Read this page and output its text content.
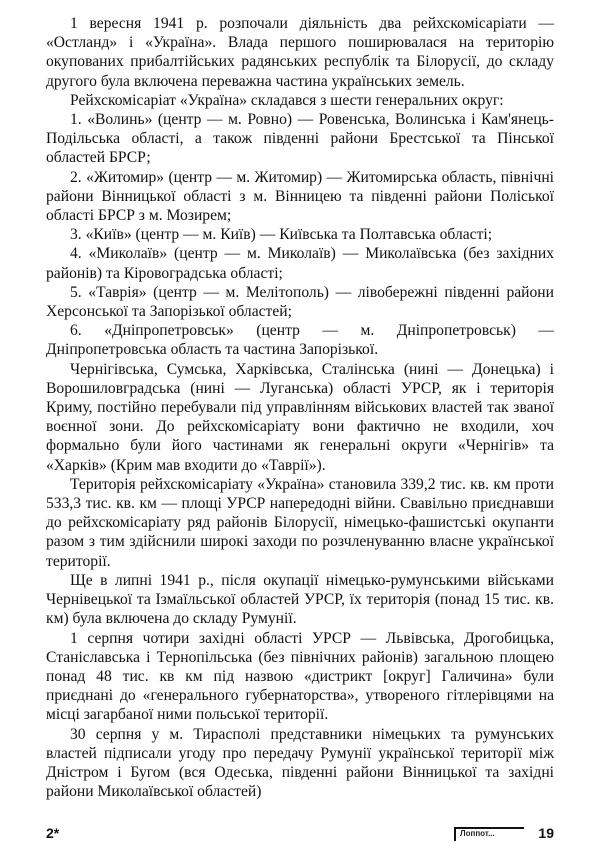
1 вересня 1941 р. розпочали діяльність два рейхскомісаріати — «Остланд» і «Україна». Влада першого поширювалася на територію окупованих прибалтійських радянських республік та Білорусії, до складу другого була включена переважна частина українських земель.

Рейхскомісаріат «Україна» складався з шести генеральних округ:

1. «Волинь» (центр — м. Ровно) — Ровенська, Волинська і Кам'янець-Подільська області, а також південні райони Брестської та Пінської областей БРСР;

2. «Житомир» (центр — м. Житомир) — Житомирська область, північні райони Вінницької області з м. Вінницею та південні райони Поліської області БРСР з м. Мозирем;

3. «Київ» (центр — м. Київ) — Київська та Полтавська області;

4. «Миколаїв» (центр — м. Миколаїв) — Миколаївська (без західних районів) та Кіровоградська області;

5. «Таврія» (центр — м. Мелітополь) — лівобережні південні райони Херсонської та Запорізької областей;

6. «Дніпропетровськ» (центр — м. Дніпропетровськ) — Дніпропетровська область та частина Запорізької.

Чернігівська, Сумська, Харківська, Сталінська (нині — Донецька) і Ворошиловградська (нині — Луганська) області УРСР, як і територія Криму, постійно перебували під управлінням військових властей так званої воєнної зони. До рейхскомісаріату вони фактично не входили, хоч формально були його частинами як генеральні округи «Чернігів» та «Харків» (Крим мав входити до «Таврії»).

Територія рейхскомісаріату «Україна» становила 339,2 тис. кв. км проти 533,3 тис. кв. км — площі УРСР напередодні війни. Свавільно приєднавши до рейхскомісаріату ряд районів Білорусії, німецько-фашистські окупанти разом з тим здійснили широкі заходи по розчленуванню власне української території.

Ще в липні 1941 р., після окупації німецько-румунськими військами Чернівецької та Ізмаїльської областей УРСР, їх територія (понад 15 тис. кв. км) була включена до складу Румунії.

1 серпня чотири західні області УРСР — Львівська, Дрогобицька, Станіславська і Тернопільська (без північних районів) загальною площею понад 48 тис. кв км під назвою «дистрикт [округ] Галичина» були приєднані до «генерального губернаторства», утвореного гітлерівцями на місці загарбаної ними польської території.

30 серпня у м. Тирасполі представники німецьких та румунських властей підписали угоду про передачу Румунії української території між Дністром і Бугом (вся Одеська, південні райони Вінницької та західні райони Миколаївської областей)

2*	Лоппот...	19
